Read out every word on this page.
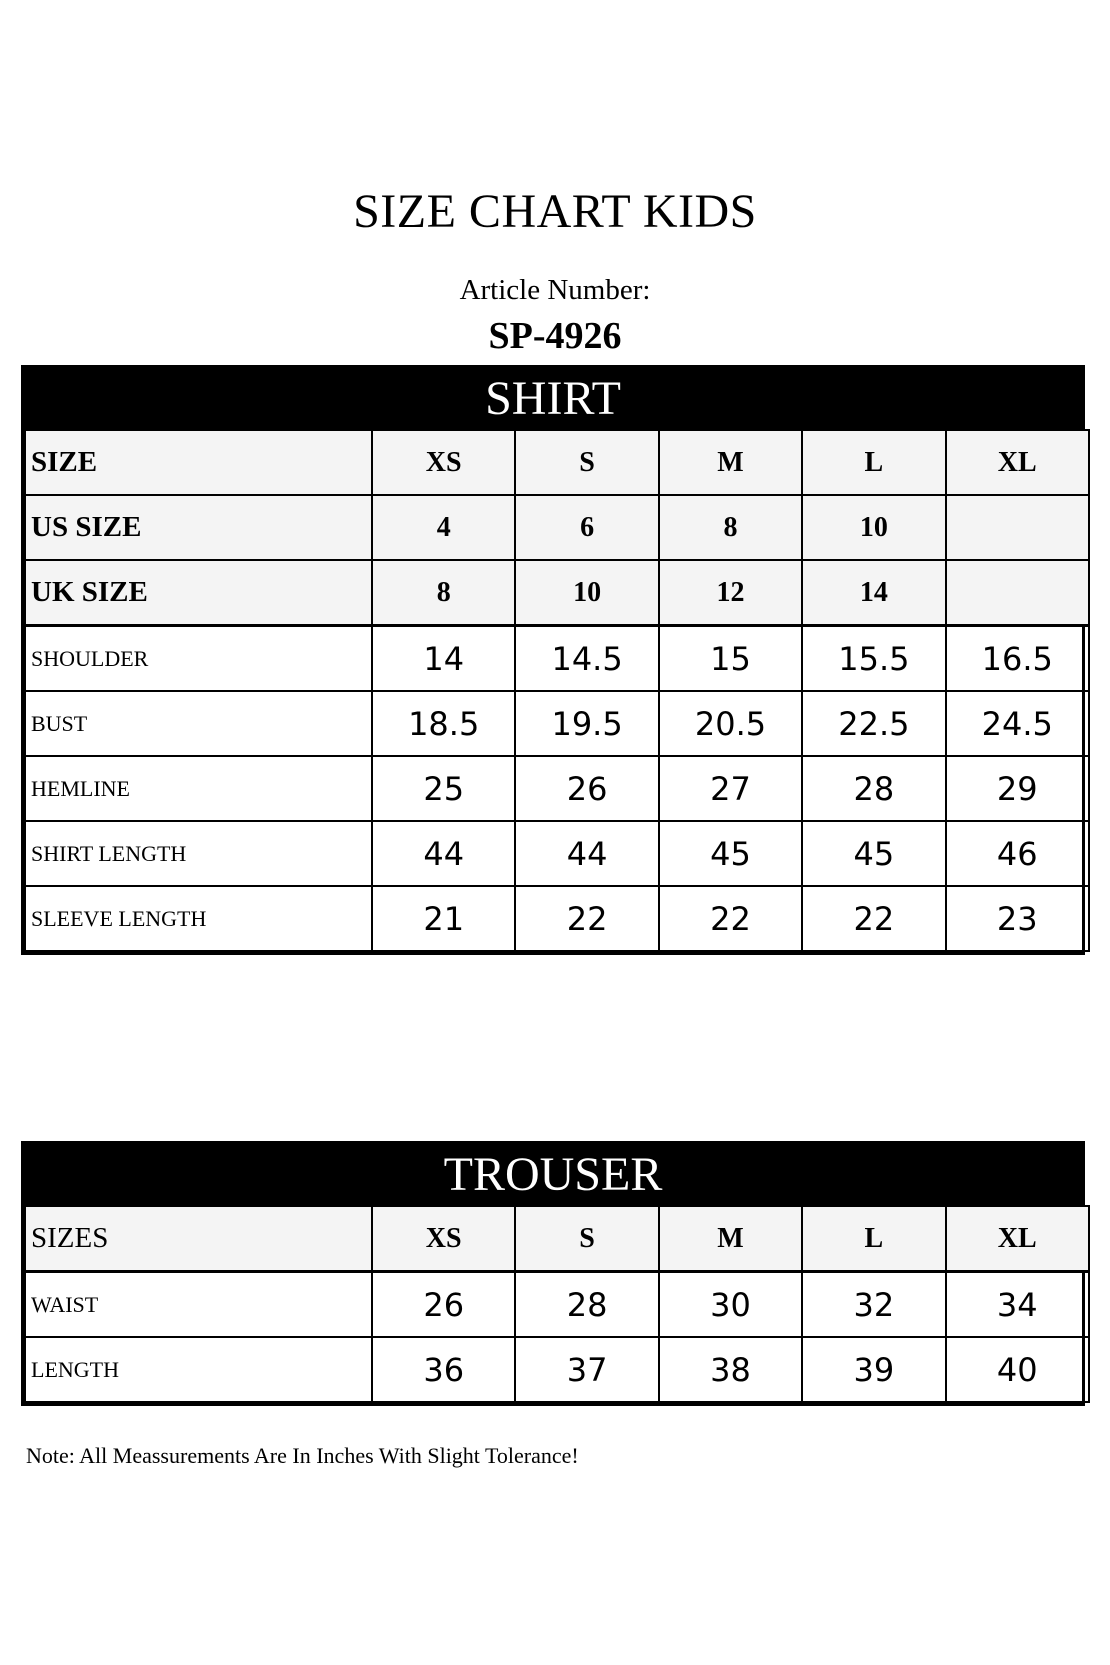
SIZE CHART KIDS
Article Number:
SP-4926
SHIRT
SIZE	XS	S	M	L	XL
US SIZE	4	6	8	10	
UK SIZE	8	10	12	14	
SHOULDER	14	14.5	15	15.5	16.5
BUST	18.5	19.5	20.5	22.5	24.5
HEMLINE	25	26	27	28	29
SHIRT LENGTH	44	44	45	45	46
SLEEVE LENGTH	21	22	22	22	23
TROUSER
SIZES	XS	S	M	L	XL
WAIST	26	28	30	32	34
LENGTH	36	37	38	39	40
Note: All Meassurements Are In Inches With Slight Tolerance!
